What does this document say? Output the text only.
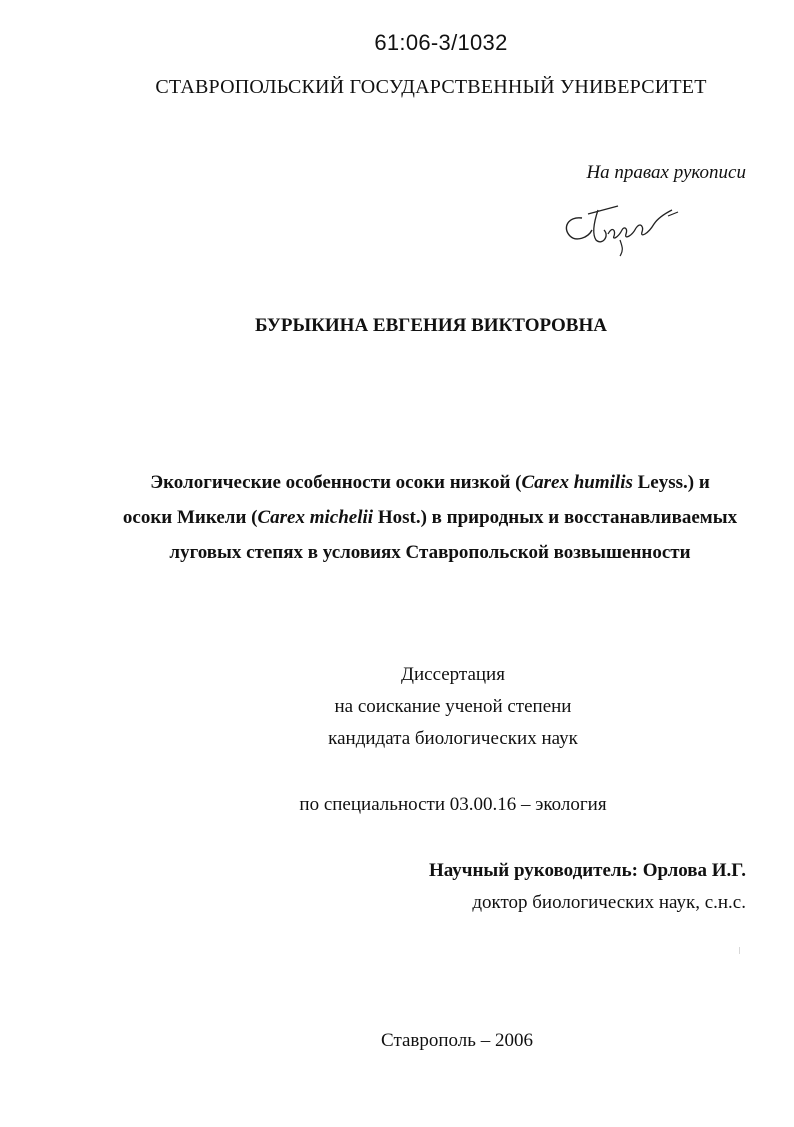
61:06-3/1032
СТАВРОПОЛЬСКИЙ ГОСУДАРСТВЕННЫЙ УНИВЕРСИТЕТ
На правах рукописи
БУРЫКИНА ЕВГЕНИЯ ВИКТОРОВНА
Экологические особенности осоки низкой (Carex humilis Leyss.) и
осоки Микели (Carex michelii Host.) в природных и восстанавливаемых
луговых степях в условиях Ставропольской возвышенности
Диссертация
на соискание ученой степени
кандидата биологических наук
по специальности 03.00.16 – экология
Научный руководитель: Орлова И.Г.
доктор биологических наук, с.н.с.
Ставрополь – 2006
